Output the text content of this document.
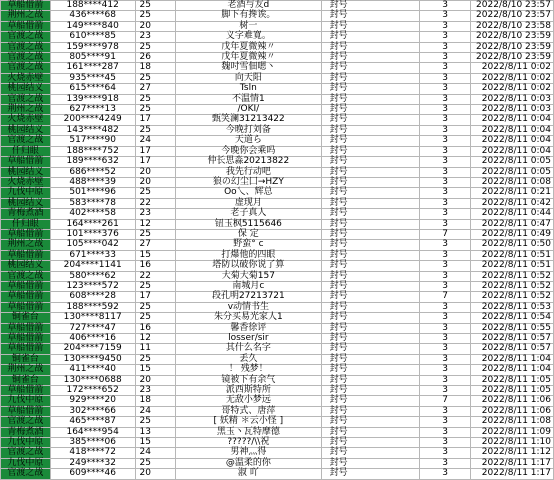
草船借箭	188****412	25	老酒与友d	封号	3	2022/8/10 23:57
荆州之战	436****68	25	脚下有搀诶。	封号	3	2022/8/10 23:57
草船借箭	149****840	20	树一	封号	3	2022/8/10 23:58
官渡之战	610****85	23	义字难寬。	封号	3	2022/8/10 23:59
官渡之战	159****978	25	戊年夏微辣〃	封号	3	2022/8/10 23:59
官渡之战	805****91	26	戊年夏微辣〃	封号	3	2022/8/10 23:59
官渡之战	161****287	18	魏吋雪佃嗯丶	封号	3	2022/8/11 0:02
火烧赤壁	935****45	25	向天阳	封号	3	2022/8/11 0:02
桃园结义	615****64	27	Tsln	封号	3	2022/8/11 0:02
官渡之战	139****918	25	不温情1	封号	3	2022/8/11 0:03
荆州之战	627****13	25	/OKI/	封号	3	2022/8/11 0:03
火烧赤壁	200****4249	17	甄笑澜31213422	封号	3	2022/8/11 0:04
桃园结义	143****482	25	今晚打刘备	封号	3	2022/8/11 0:04
官渡之战	517****90	24	天道ら	封号	3	2022/8/11 0:04
仟归眼	188****752	17	今晚你会乘吗	封号	3	2022/8/11 0:04
草船借箭	189****632	17	仲长思淼20213822	封号	3	2022/8/11 0:05
桃园结义	686****52	20	我先行动吧	封号	3	2022/8/11 0:05
火烧赤壁	488****39	20	狼の幻尘囗→HZY	封号	3	2022/8/11 0:08
九伐中原	501****96	25	Oo乀、辉总	封号	3	2022/8/11 0:21
桃园结义	583****78	22	虚现月	封号	3	2022/8/11 0:42
青梅煮酒	402****58	23	老子真人	封号	3	2022/8/11 0:44
仟归眼	164****261	12	钮玉枫5115646	封号	3	2022/8/11 0:47
草船借箭	101****376	25	保 定	封号	7	2022/8/11 0:49
荆州之战	105****042	27	野蛮° c	封号	3	2022/8/11 0:50
草船借箭	671****33	15	打爆他的四眼	封号	3	2022/8/11 0:51
桃园结义	204****1141	16	塔防以破你说了算	封号	3	2022/8/11 0:51
官渡之战	580****62	22	大菊大菊157	封号	3	2022/8/11 0:52
草船借箭	123****572	25	南城月c	封号	3	2022/8/11 0:52
草船借箭	608****28	17	段孔明27213721	封号	7	2022/8/11 0:52
草船借箭	188****592	25	v动情书生	封号	3	2022/8/11 0:53
铜雀台	130****8117	25	朱分买易光家人1	封号	3	2022/8/11 0:54
草船借箭	727****47	16	馨香徐评	封号	3	2022/8/11 0:55
草船借箭	406****16	12	losser/sir	封号	3	2022/8/11 0:57
草船借箭	204****7159	11	其什么名字	封号	3	2022/8/11 0:57
铜雀台	130****9450	25	丢久	封号	3	2022/8/11 1:04
荆州之战	411****40	15	！ 残梦！	封号	3	2022/8/11 1:04
铜雀台	130****0688	20	镜被下有余气	封号	3	2022/8/11 1:05
草船借箭	172****652	23	派西斯特所	封号	3	2022/8/11 1:05
九伐中原	929****20	18	无敌小梦远	封号	7	2022/8/11 1:06
草船借箭	302****66	24	哥特式、唐萍	封号	3	2022/8/11 1:06
官渡之战	465****87	25	[ 妖精 ＊云小怪 ]	封号	3	2022/8/11 1:08
青梅煮酒	164****954	13	黑玉丶瓦特摩德	封号	3	2022/8/11 1:09
九伐中原	385****06	15	?????/\\祝	封号	3	2022/8/11 1:10
官渡之战	418****72	24	男神灬得	封号	3	2022/8/11 1:12
九伐中原	249****32	25	@温柔的你	封号	3	2022/8/11 1:17
官渡之战	609****46	20	淑 吖	封号	3	2022/8/11 1:17
